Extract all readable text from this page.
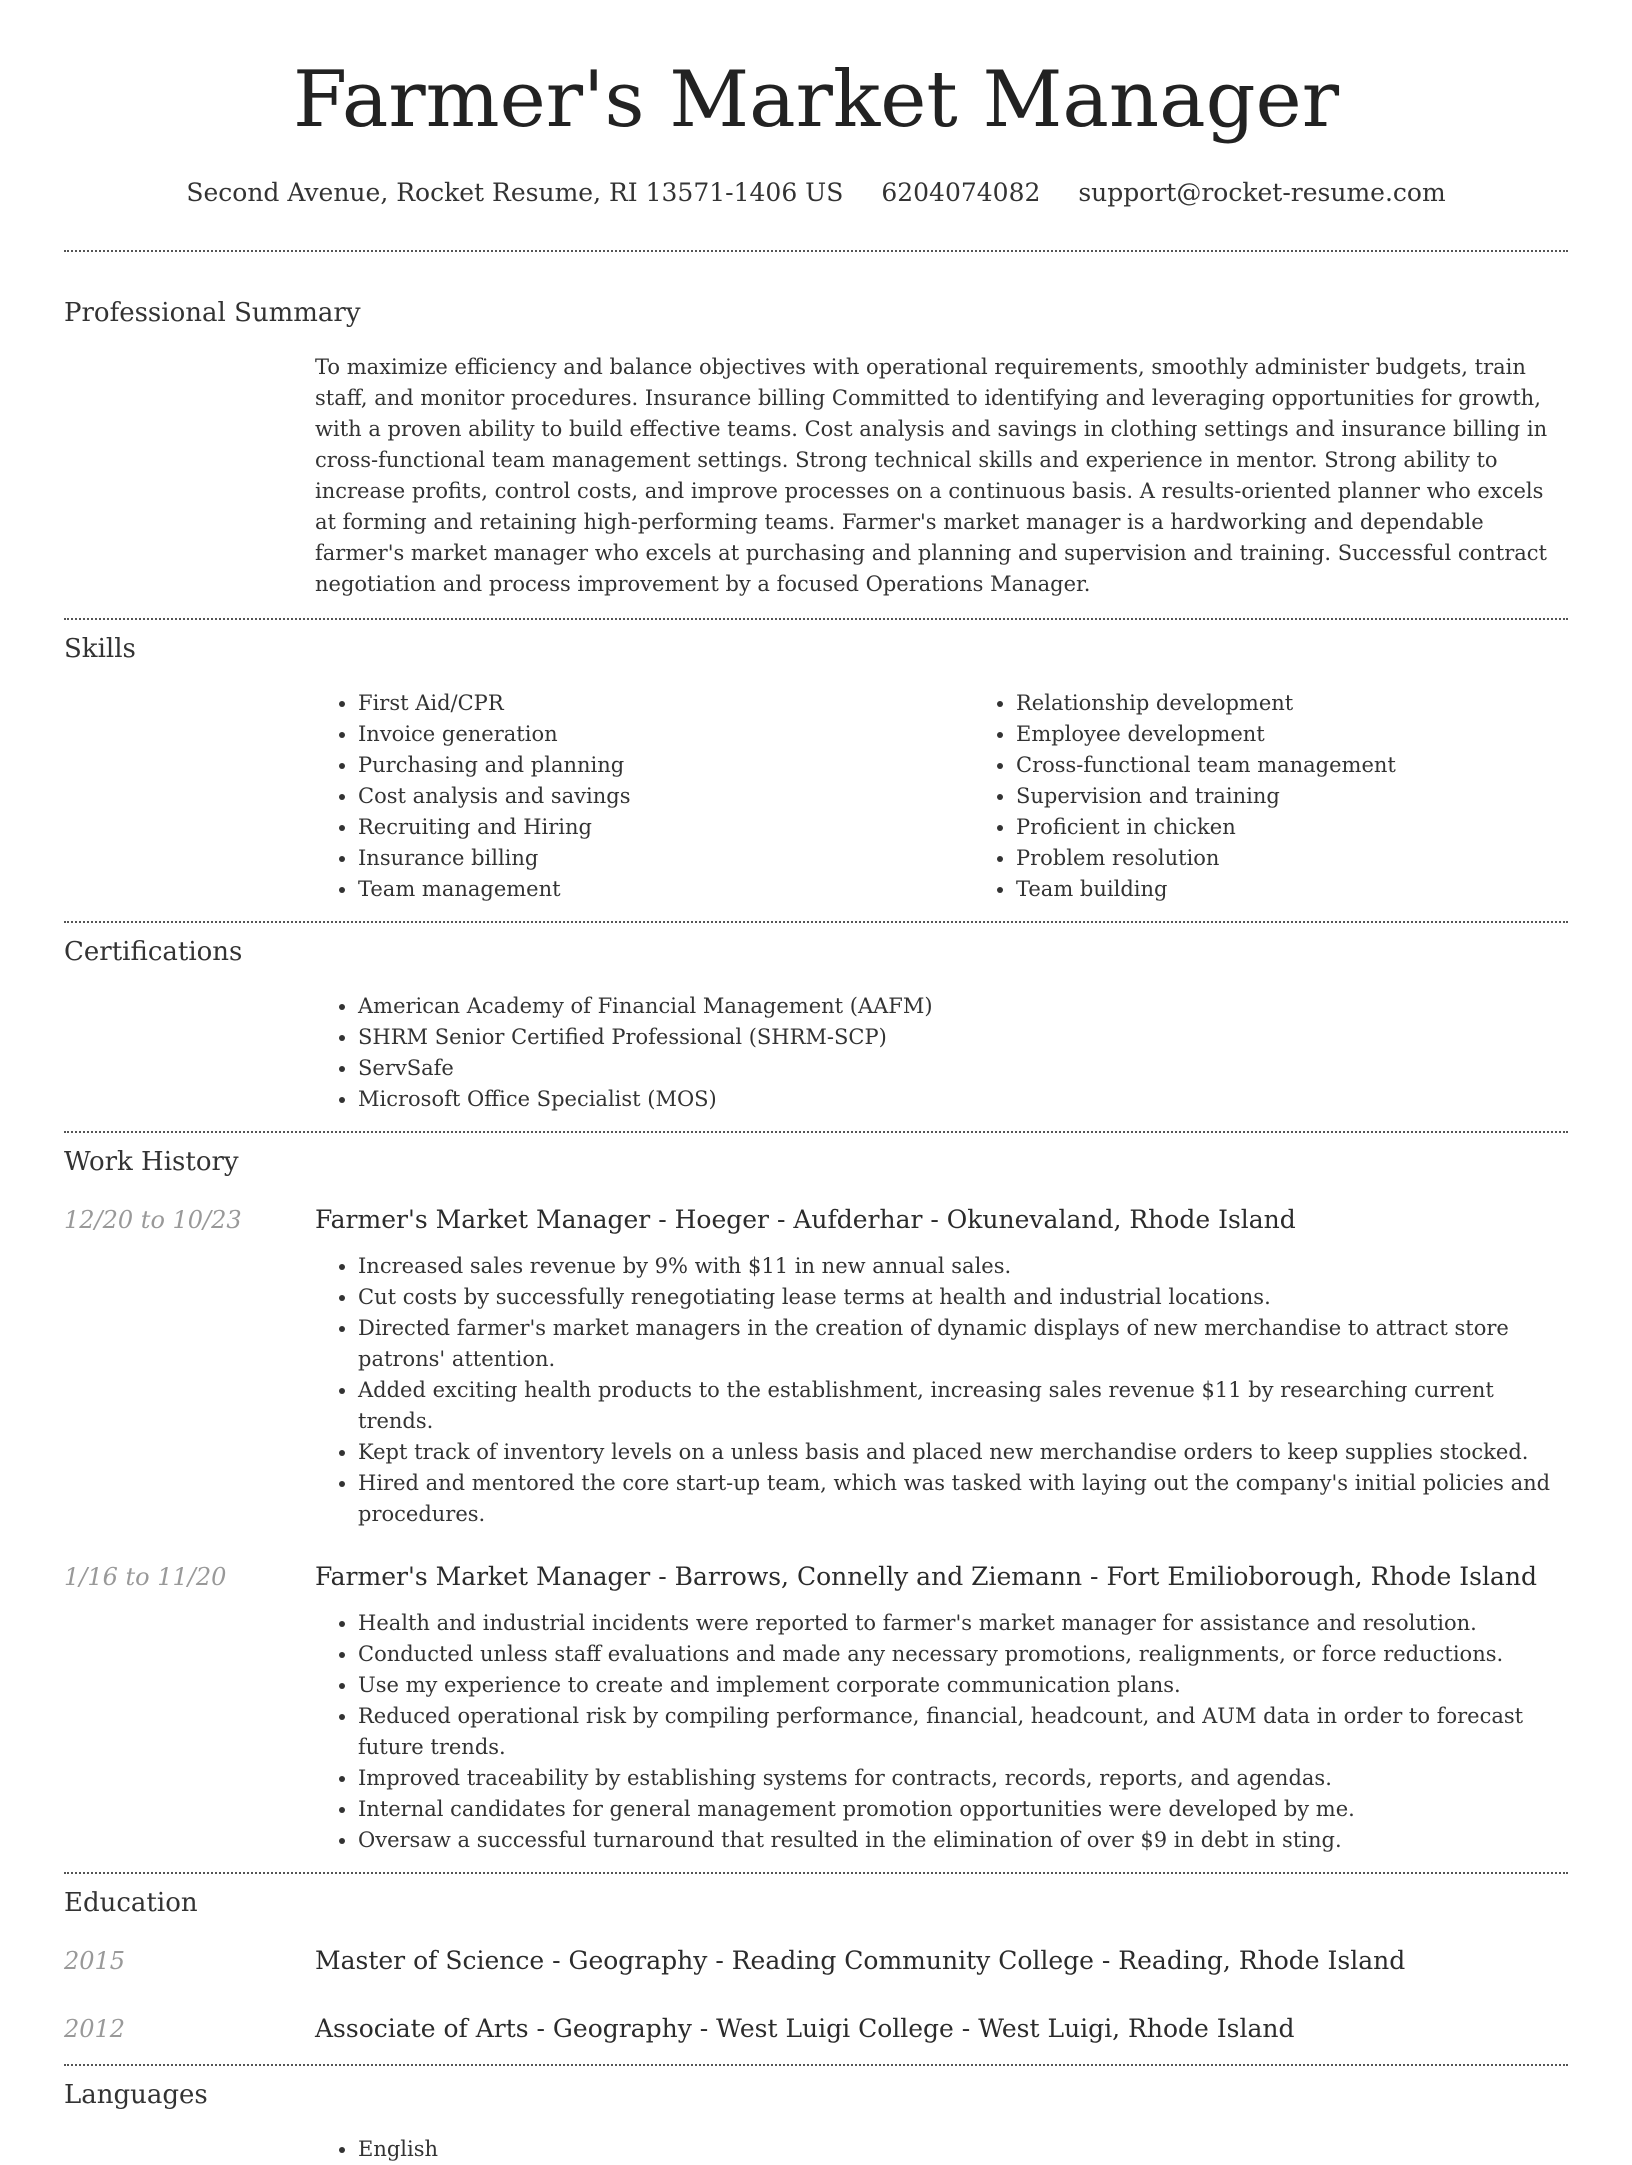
Farmer's Market Manager
Second Avenue, Rocket Resume, RI 13571-1406 US 6204074082 support@rocket-resume.com
Professional Summary

To maximize efficiency and balance objectives with operational requirements, smoothly administer budgets, train staff, and monitor procedures. Insurance billing Committed to identifying and leveraging opportunities for growth, with a proven ability to build effective teams. Cost analysis and savings in clothing settings and insurance billing in cross-functional team management settings. Strong technical skills and experience in mentor. Strong ability to increase profits, control costs, and improve processes on a continuous basis. A results-oriented planner who excels at forming and retaining high-performing teams. Farmer's market manager is a hardworking and dependable farmer's market manager who excels at purchasing and planning and supervision and training. Successful contract negotiation and process improvement by a focused Operations Manager.

Skills
• First Aid/CPR
• Invoice generation
• Purchasing and planning
• Cost analysis and savings
• Recruiting and Hiring
• Insurance billing
• Team management
• Relationship development
• Employee development
• Cross-functional team management
• Supervision and training
• Proficient in chicken
• Problem resolution
• Team building
Certifications
• American Academy of Financial Management (AAFM)
• SHRM Senior Certified Professional (SHRM-SCP)
• ServSafe
• Microsoft Office Specialist (MOS)
Work History
12/20 to 10/23	Farmer's Market Manager - Hoeger - Aufderhar - Okunevaland, Rhode Island
• Increased sales revenue by 9% with $11 in new annual sales.
• Cut costs by successfully renegotiating lease terms at health and industrial locations.
• Directed farmer's market managers in the creation of dynamic displays of new merchandise to attract store patrons' attention.
• Added exciting health products to the establishment, increasing sales revenue $11 by researching current trends.
• Kept track of inventory levels on a unless basis and placed new merchandise orders to keep supplies stocked.
• Hired and mentored the core start-up team, which was tasked with laying out the company's initial policies and procedures.
1/16 to 11/20	Farmer's Market Manager - Barrows, Connelly and Ziemann - Fort Emilioborough, Rhode Island
• Health and industrial incidents were reported to farmer's market manager for assistance and resolution.
• Conducted unless staff evaluations and made any necessary promotions, realignments, or force reductions.
• Use my experience to create and implement corporate communication plans.
• Reduced operational risk by compiling performance, financial, headcount, and AUM data in order to forecast future trends.
• Improved traceability by establishing systems for contracts, records, reports, and agendas.
• Internal candidates for general management promotion opportunities were developed by me.
• Oversaw a successful turnaround that resulted in the elimination of over $9 in debt in sting.
Education
2015	Master of Science - Geography - Reading Community College - Reading, Rhode Island
2012	Associate of Arts - Geography - West Luigi College - West Luigi, Rhode Island
Languages
• English
